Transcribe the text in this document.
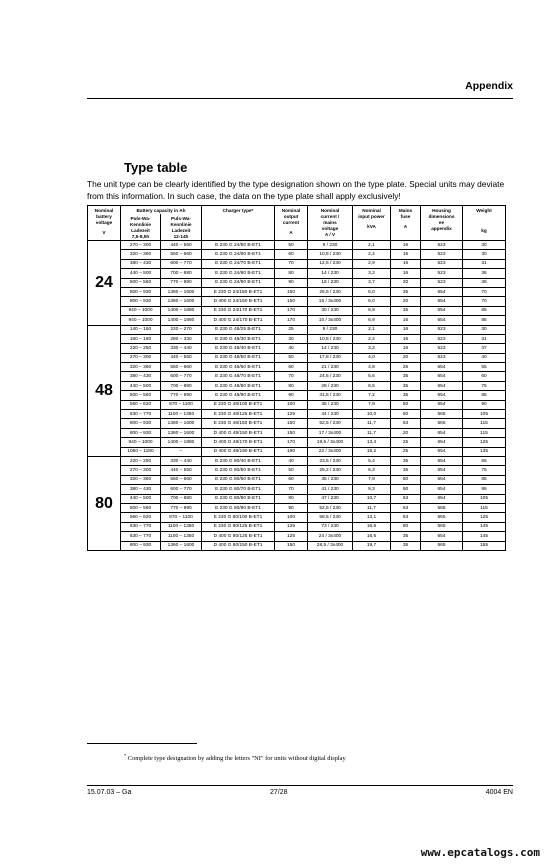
Appendix
Type table
The unit type can be clearly identified by the type designation shown on the type plate. Special units may deviate from this information. In such case, the data on the type plate shall apply exclusively!
Nominal
battery
voltage
V	Battery capacity in Ah		Charger type*	Nominal
output
current
A	Nominal
current /
mains
voltage
A / V	Nominal
input power
kVA	Mains
fuse
A	Housing
dimensions
ee
appendix	Weight
kg

	Puls-Wa-
Kennlinie
Ladezeit
7,5-8,5h	Puls-Wa-
Kennlinie
Ladezeit
12-14h							

24	270 – 300	440 – 550	E 230 G 24/50 B-ET1	50	9 / 230	2,1	16	523	30
	320 – 360	550 – 660	E 230 G 24/60 B-ET1	60	10,5 / 230	2,4	16	523	30
	380 – 430	600 – 770	E 230 G 24/70 B-ET1	70	12,5 / 230	2,9	16	523	31
	440 – 500	700 – 880	E 230 G 24/80 B-ET1	80	14 / 230	3,2	16	523	36
	500 – 560	770 – 990	E 230 G 24/90 B-ET1	90	16 / 230	3,7	20	523	38
	800 – 930	1360 – 1600	E 230 G 24/150 B-ET1	150	26,5 / 230	6,0	35	654	70
	800 – 930	1360 – 1600	D 400 G 24/150 B-ET1	150	15 / 3x400	6,0	20	654	70
	940 – 1000	1400 – 1880	E 230 G 24/170 B-ET1	170	30 / 230	6,9	35	654	85
	940 – 1000	1400 – 1880	D 400 G 24/170 B-ET1	170	10 / 3x400	6,9	16	654	85
48	140 – 150	220 – 270	E 230 G 48/25 B-ET1	25	9 / 230	2,1	16	523	30
	160 – 180	280 – 330	E 230 G 48/30 B-ET1	30	10,5 / 230	2,4	16	523	31
	220 – 250	330 – 440	E 230 G 48/40 B-ET1	40	14 / 230	3,2	16	523	37
	270 – 300	440 – 550	E 230 G 48/50 B-ET1	50	17,8 / 230	4,0	20	523	40
	320 – 360	550 – 660	E 230 G 48/60 B-ET1	60	21 / 230	4,8	25	654	55
	380 – 430	600 – 770	E 230 G 48/70 B-ET1	70	24,5 / 230	5,6	35	654	60
	440 – 500	700 – 880	E 230 G 48/80 B-ET1	80	28 / 230	6,5	35	654	75
	500 – 560	770 – 990	E 230 G 48/90 B-ET1	90	31,5 / 230	7,2	35	654	85
	560 – 620	870 – 1100	E 230 G 48/100 B-ET1	100	35 / 230	7,9	50	654	90
	630 – 770	1100 – 1350	E 230 G 48/125 B-ET1	125	44 / 230	10,0	50	565	105
	800 – 930	1360 – 1600	E 230 G 48/150 B-ET1	150	52,5 / 230	11,7	63	565	115
	800 – 930	1360 – 1600	D 400 G 48/150 B-ET1	150	17 / 3x400	11,7	20	654	115
	940 – 1000	1400 – 1880	D 400 G 48/170 B-ET1	170	19,5 / 3x400	13,4	25	654	125
	1050 – 1180	–	D 400 G 48/190 B-ET1	190	22 / 3x400	15,2	25	654	135
80	220 – 250	330 – 440	E 230 G 80/40 B-ET1	40	23,5 / 230	5,4	35	654	55
	270 – 300	440 – 550	E 230 G 80/50 B-ET1	50	29,2 / 230	6,3	35	654	75
	320 – 360	550 – 660	E 230 G 80/60 B-ET1	60	35 / 230	7,9	50	654	85
	380 – 430	600 – 770	E 230 G 80/70 B-ET1	70	41 / 230	9,3	50	654	95
	440 – 500	700 – 880	E 230 G 80/80 B-ET1	80	47 / 230	10,7	63	654	105
	500 – 560	770 – 990	E 230 G 80/90 B-ET1	90	52,5 / 230	11,7	63	565	115
	560 – 620	870 – 1100	E 230 G 80/100 B-ET1	100	58,5 / 230	13,1	63	565	125
	630 – 770	1100 – 1350	E 230 G 80/125 B-ET1	125	73 / 230	16,6	80	565	145
	630 – 770	1100 – 1350	D 400 G 80/125 B-ET1	125	24 / 3x400	16,6	35	654	145
	800 – 930	1360 – 1600	D 400 G 80/150 B-ET1	150	28,5 / 3x400	19,7	35	565	155
* Complete type designation by adding the letters "NI" for units without digital display
15.07.03 – Ga	27/28	4004 EN
www.epcatalogs.com
